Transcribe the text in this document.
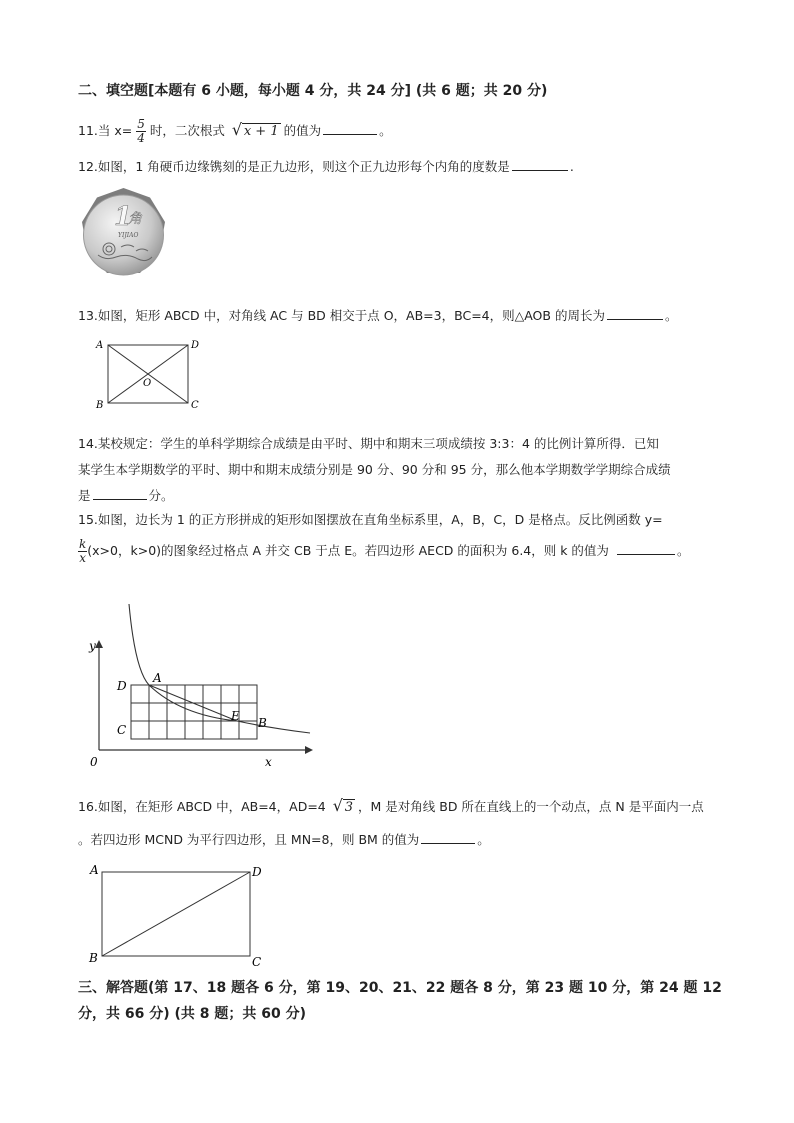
二、填空题[本题有 6 小题，每小题 4 分，共 24 分] (共 6 题；共 20 分)
11.当 $x= \frac{5}{4}$ 时，二次根式 √ x + 1 的值为	。
12.如图，1 角硬币边缘镌刻的是正九边形，则这个正九边形每个内角的度数是	.
1
角
YIJIAO
13.如图，矩形 ABCD 中，对角线 AC 与 BD 相交于点 O，AB=3，BC=4，则△AOB 的周长为	。
A	D
B	C
O
14.某校规定：学生的单科学期综合成绩是由平时、期中和期末三项成绩按 3:3：4 的比例计算所得．已知
某学生本学期数学的平时、期中和期末成绩分别是 90 分、90 分和 95 分，那么他本学期数学学期综合成绩
是	分。
15.如图，边长为 1 的正方形拼成的矩形如图摆放在直角坐标系里，A，B，C，D 是格点。反比例函数 y=
$\frac{k}{x} (x>0$，k>0)的图象经过格点 A 并交 CB 于点 E。若四边形 AECD 的面积为 6.4，则 k 的值为	。
y
x
0
A
D
C
E B
16.如图，在矩形 ABCD 中，AB=4，AD=4 √ 3 ，M 是对角线 BD 所在直线上的一个动点，点 N 是平面内一点
。若四边形 MCND 为平行四边形，且 MN=8，则 BM 的值为	。
A	D
B	C
三、解答题(第 17、18 题各 6 分，第 19、20、21、22 题各 8 分，第 23 题 10 分，第 24 题 12
分，共 66 分) (共 8 题；共 60 分)
